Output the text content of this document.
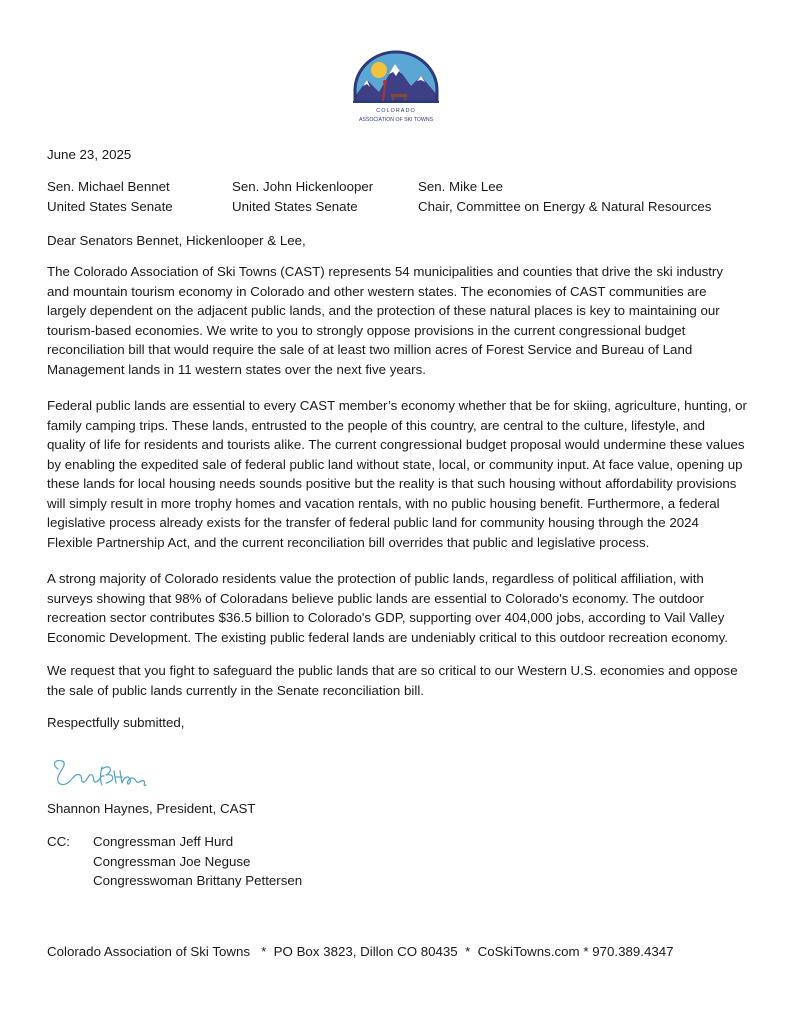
COLORADO
ASSOCIATION OF SKI TOWNS

June 23, 2025

Sen. Michael Bennet
United States Senate
Sen. John Hickenlooper
United States Senate
Sen. Mike Lee
Chair, Committee on Energy & Natural Resources

Dear Senators Bennet, Hickenlooper & Lee,

The Colorado Association of Ski Towns (CAST) represents 54 municipalities and counties that drive the ski industry and mountain tourism economy in Colorado and other western states. The economies of CAST communities are largely dependent on the adjacent public lands, and the protection of these natural places is key to maintaining our tourism-based economies. We write to you to strongly oppose provisions in the current congressional budget reconciliation bill that would require the sale of at least two million acres of Forest Service and Bureau of Land Management lands in 11 western states over the next five years.

Federal public lands are essential to every CAST member’s economy whether that be for skiing, agriculture, hunting, or family camping trips. These lands, entrusted to the people of this country, are central to the culture, lifestyle, and quality of life for residents and tourists alike. The current congressional budget proposal would undermine these values by enabling the expedited sale of federal public land without state, local, or community input. At face value, opening up these lands for local housing needs sounds positive but the reality is that such housing without affordability provisions will simply result in more trophy homes and vacation rentals, with no public housing benefit. Furthermore, a federal legislative process already exists for the transfer of federal public land for community housing through the 2024 Flexible Partnership Act, and the current reconciliation bill overrides that public and legislative process.

A strong majority of Colorado residents value the protection of public lands, regardless of political affiliation, with surveys showing that 98% of Coloradans believe public lands are essential to Colorado's economy. The outdoor recreation sector contributes $36.5 billion to Colorado's GDP, supporting over 404,000 jobs, according to Vail Valley Economic Development. The existing public federal lands are undeniably critical to this outdoor recreation economy.

We request that you fight to safeguard the public lands that are so critical to our Western U.S. economies and oppose the sale of public lands currently in the Senate reconciliation bill.

Respectfully submitted,

Shannon Haynes, President, CAST

CC: Congressman Jeff Hurd
Congressman Joe Neguse
Congresswoman Brittany Pettersen

Colorado Association of Ski Towns   *  PO Box 3823, Dillon CO 80435  *  CoSkiTowns.com * 970.389.4347
